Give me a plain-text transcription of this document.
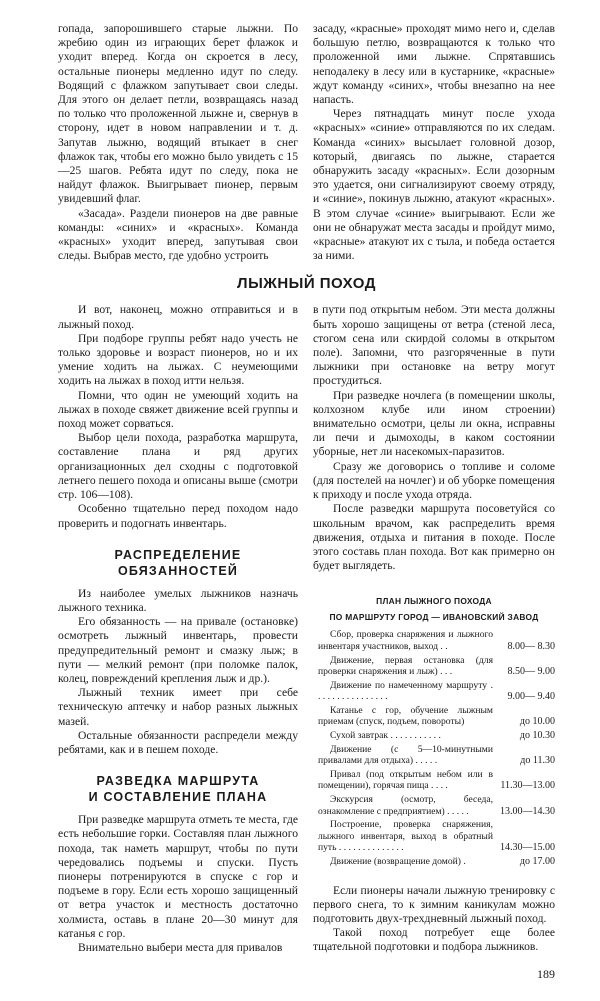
гопада, запорошившего старые лыжни. По жребию один из играющих берет флажок и уходит вперед. Когда он скроется в лесу, остальные пионеры медленно идут по следу. Водящий с флажком запутывает свои следы. Для этого он делает петли, возвращаясь назад по только что проложенной лыжне и, свернув в сторону, идет в новом направлении и т. д. Запутав лыжню, водящий втыкает в снег флажок так, чтобы его можно было увидеть с 15—25 шагов. Ребята идут по следу, пока не найдут флажок. Выигрывает пионер, первым увидевший флаг.

«Засада». Раздели пионеров на две равные команды: «синих» и «красных». Команда «красных» уходит вперед, запутывая свои следы. Выбрав место, где удобно устроить

засаду, «красные» проходят мимо него и, сделав большую петлю, возвращаются к только что проложенной ими лыжне. Спрятавшись неподалеку в лесу или в кустарнике, «красные» ждут команду «синих», чтобы внезапно на нее напасть.

Через пятнадцать минут после ухода «красных» «синие» отправляются по их следам. Команда «синих» высылает головной дозор, который, двигаясь по лыжне, старается обнаружить засаду «красных». Если дозорным это удается, они сигнализируют своему отряду, и «синие», покинув лыжню, атакуют «красных». В этом случае «синие» выигрывают. Если же они не обнаружат места засады и пройдут мимо, «красные» атакуют их с тыла, и победа остается за ними.

ЛЫЖНЫЙ ПОХОД

И вот, наконец, можно отправиться и в лыжный поход.

При подборе группы ребят надо учесть не только здоровье и возраст пионеров, но и их умение ходить на лыжах. С неумеющими ходить на лыжах в поход итти нельзя.

Помни, что один не умеющий ходить на лыжах в походе свяжет движение всей группы и поход может сорваться.

Выбор цели похода, разработка маршрута, составление плана и ряд других организационных дел сходны с подготовкой летнего пешего похода и описаны выше (смотри стр. 106—108).

Особенно тщательно перед походом надо проверить и подогнать инвентарь.

РАСПРЕДЕЛЕНИЕ ОБЯЗАННОСТЕЙ

Из наиболее умелых лыжников назначь лыжного техника.

Его обязанность — на привале (остановке) осмотреть лыжный инвентарь, провести предупредительный ремонт и смазку лыж; в пути — мелкий ремонт (при поломке палок, колец, повреждений крепления лыж и др.).

Лыжный техник имеет при себе техническую аптечку и набор разных лыжных мазей.

Остальные обязанности распредели между ребятами, как и в пешем походе.

РАЗВЕДКА МАРШРУТА
И СОСТАВЛЕНИЕ ПЛАНА

При разведке маршрута отметь те места, где есть небольшие горки. Составляя план лыжного похода, так наметь маршрут, чтобы по пути чередовались подъемы и спуски. Пусть пионеры потренируются в спуске с гор и подъеме в гору. Если есть хорошо защищенный от ветра участок и местность достаточно холмиста, оставь в плане 20—30 минут для катанья с гор.

Внимательно выбери места для привалов

в пути под открытым небом. Эти места должны быть хорошо защищены от ветра (стеной леса, стогом сена или скирдой соломы в открытом поле). Запомни, что разгоряченные в пути лыжники при остановке на ветру могут простудиться.

При разведке ночлега (в помещении школы, колхозном клубе или ином строении) внимательно осмотри, целы ли окна, исправны ли печи и дымоходы, в каком состоянии уборные, нет ли насекомых-паразитов.

Сразу же договорись о топливе и соломе (для постелей на ночлег) и об уборке помещения к приходу и после ухода отряда.

После разведки маршрута посоветуйся со школьным врачом, как распределить время движения, отдыха и питания в походе. После этого составь план похода. Вот как примерно он будет выглядеть.

ПЛАН ЛЫЖНОГО ПОХОДА
ПО МАРШРУТУ ГОРОД — ИВАНОВСКИЙ ЗАВОД
Сбор, проверка снаряжения и лыжного инвентаря участников, выход . .	8.00— 8.30
Движение, первая остановка (для проверки снаряжения и лыж) . . .	8.50— 9.00
Движение по намеченному маршруту . . . . . . . . . . . . . . . .	9.00— 9.40
Катанье с гор, обучение лыжным приемам (спуск, подъем, повороты)	до 10.00
Сухой завтрак . . . . . . . . . . .	до 10.30
Движение (с 5—10-минутными привалами для отдыха) . . . . .	до 11.30
Привал (под открытым небом или в помещении), горячая пища . . . .	11.30—13.00
Экскурсия (осмотр, беседа, ознакомление с предприятием) . . . . .	13.00—14.30
Построение, проверка снаряжения, лыжного инвентаря, выход в обратный путь . . . . . . . . . . . . . .	14.30—15.00
Движение (возвращение домой) .	до 17.00

Если пионеры начали лыжную тренировку с первого снега, то к зимним каникулам можно подготовить двух-трехдневный лыжный поход.

Такой поход потребует еще более тщательной подготовки и подбора лыжников.

189
